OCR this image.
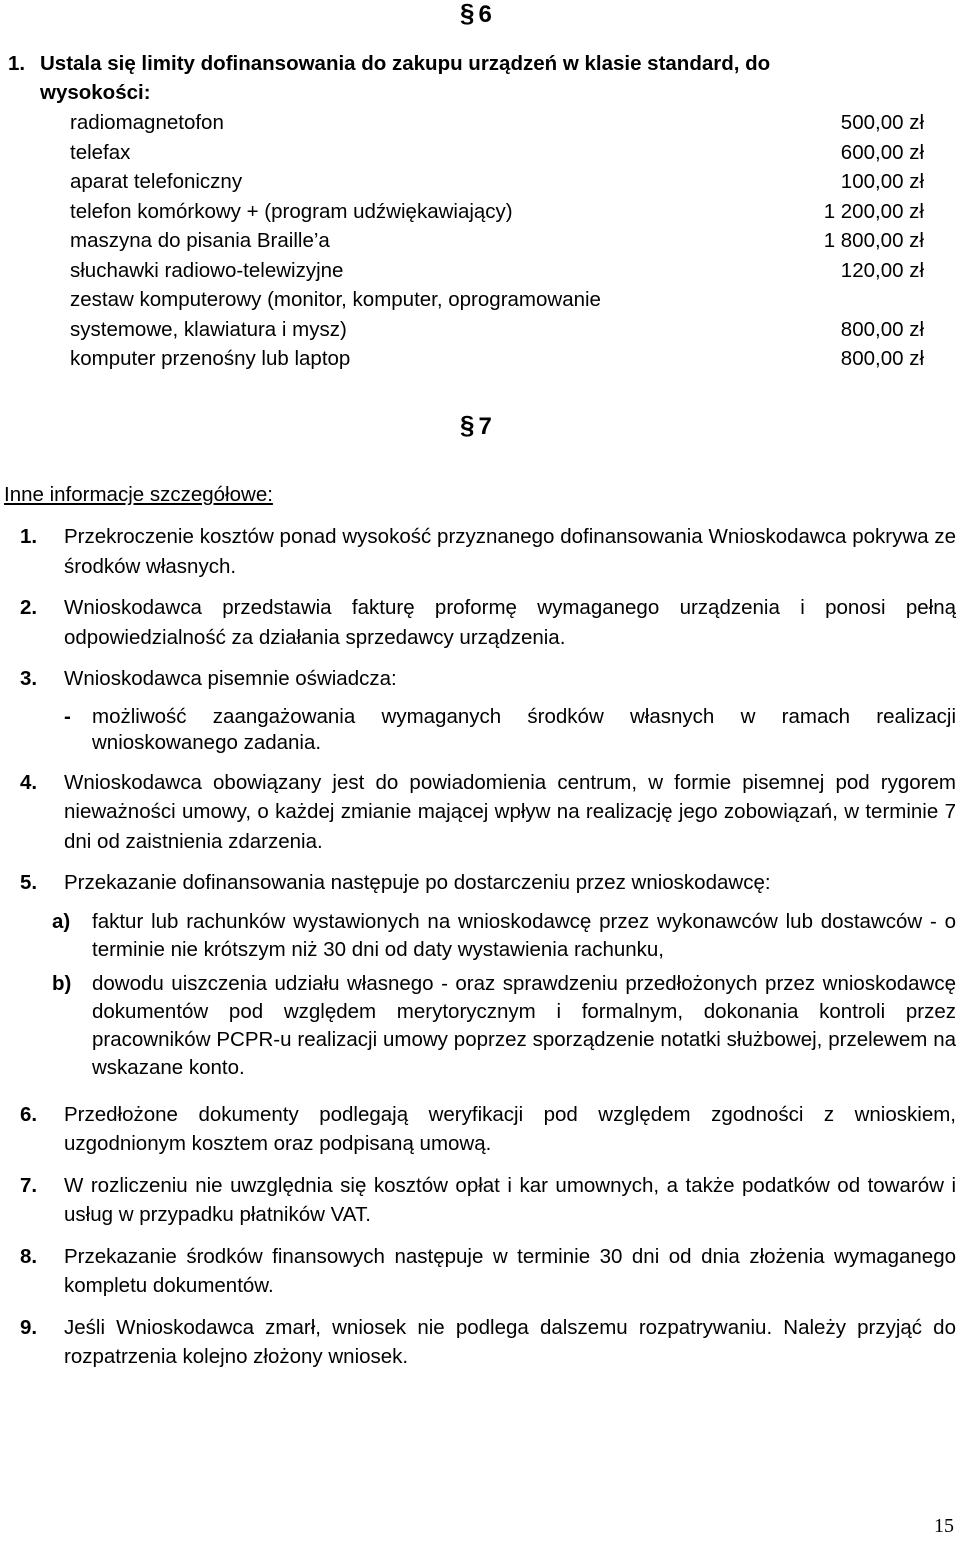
§ 6
1. Ustala się limity dofinansowania do zakupu urządzeń w klasie standard, do
wysokości:
radiomagnetofon	500,00 zł
telefax	600,00 zł
aparat telefoniczny	100,00 zł
telefon komórkowy + (program udźwiękawiający)	1 200,00 zł
maszyna do pisania Braille’a	1 800,00 zł
słuchawki radiowo-telewizyjne	120,00 zł
zestaw komputerowy (monitor, komputer, oprogramowanie systemowe, klawiatura i mysz)	800,00 zł
komputer przenośny lub laptop	800,00 zł
§ 7
Inne informacje szczegółowe:
1.	Przekroczenie kosztów ponad wysokość przyznanego dofinansowania Wnioskodawca pokrywa ze środków własnych.

2.	Wnioskodawca przedstawia fakturę proformę wymaganego urządzenia i ponosi pełną odpowiedzialność za działania sprzedawcy urządzenia.

3.	Wnioskodawca pisemnie oświadcza:

-	możliwość zaangażowania wymaganych środków własnych w ramach realizacji wnioskowanego zadania.
4.	Wnioskodawca obowiązany jest do powiadomienia centrum, w formie pisemnej pod rygorem nieważności umowy, o każdej zmianie mającej wpływ na realizację jego zobowiązań, w terminie 7 dni od zaistnienia zdarzenia.

5.	Przekazanie dofinansowania następuje po dostarczeniu przez wnioskodawcę:

a)	faktur lub rachunków wystawionych na wnioskodawcę przez wykonawców lub dostawców - o terminie nie krótszym niż 30 dni od daty wystawienia rachunku,
b)	dowodu uiszczenia udziału własnego - oraz sprawdzeniu przedłożonych przez wnioskodawcę dokumentów pod względem merytorycznym i formalnym, dokonania kontroli przez pracowników PCPR-u realizacji umowy poprzez sporządzenie notatki służbowej, przelewem na wskazane konto.
6.	Przedłożone dokumenty podlegają weryfikacji pod względem zgodności z wnioskiem, uzgodnionym kosztem oraz podpisaną umową.

7.	W rozliczeniu nie uwzględnia się kosztów opłat i kar umownych, a także podatków od towarów i usług w przypadku płatników VAT.

8.	Przekazanie środków finansowych następuje w terminie 30 dni od dnia złożenia wymaganego kompletu dokumentów.

9.	Jeśli Wnioskodawca zmarł, wniosek nie podlega dalszemu rozpatrywaniu. Należy przyjąć do rozpatrzenia kolejno złożony wniosek.

15
